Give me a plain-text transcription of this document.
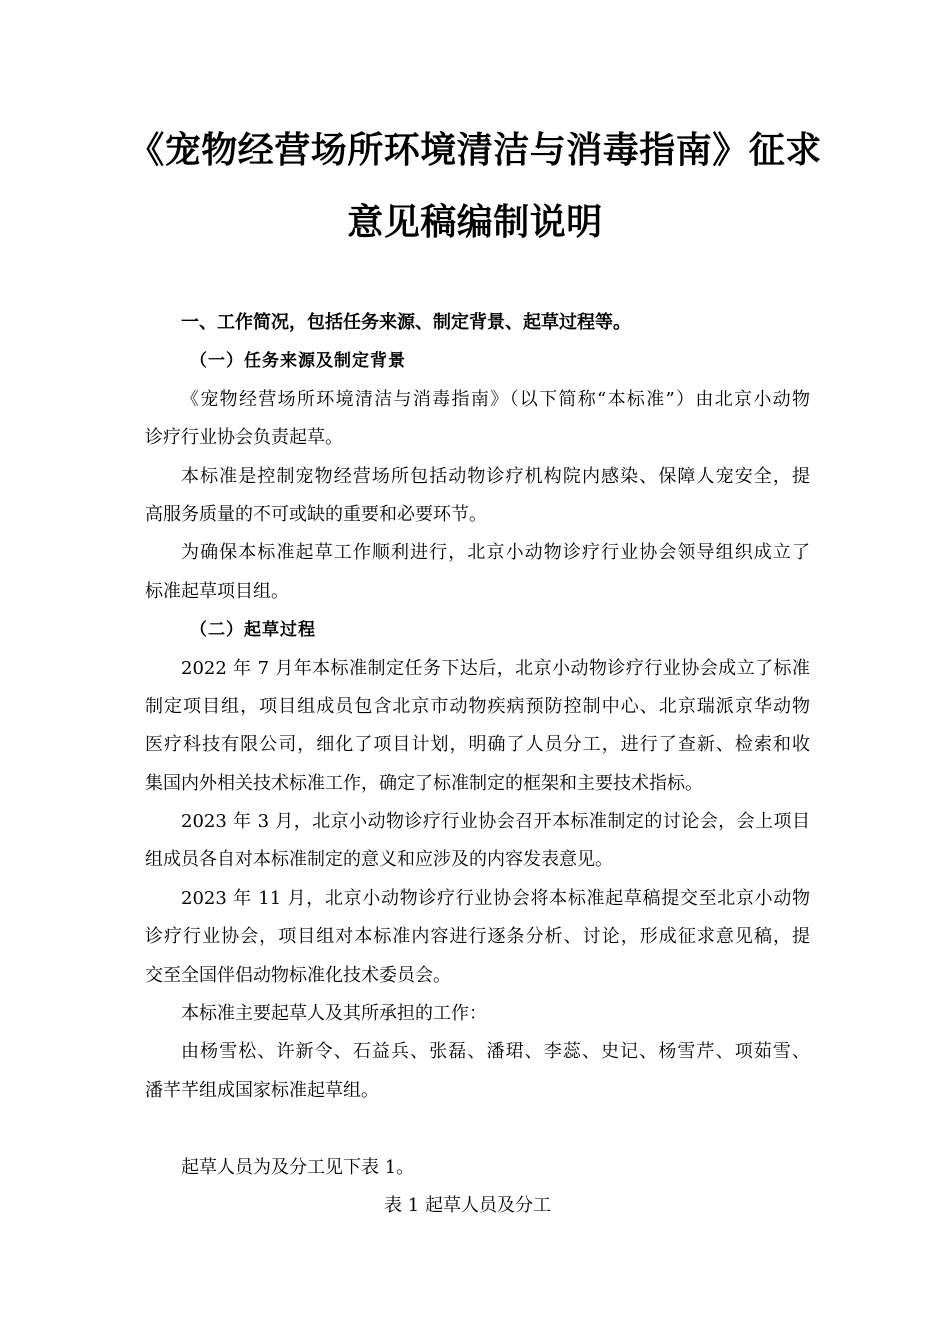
《宠物经营场所环境清洁与消毒指南》征求
意见稿编制说明
一、工作简况，包括任务来源、制定背景、起草过程等。
（一）任务来源及制定背景
《宠物经营场所环境清洁与消毒指南》（以下简称“本标准”）由北京小动物
诊疗行业协会负责起草。
本标准是控制宠物经营场所包括动物诊疗机构院内感染、保障人宠安全，提
高服务质量的不可或缺的重要和必要环节。
为确保本标准起草工作顺利进行，北京小动物诊疗行业协会领导组织成立了
标准起草项目组。
（二）起草过程
2022 年 7 月年本标准制定任务下达后，北京小动物诊疗行业协会成立了标准
制定项目组，项目组成员包含北京市动物疾病预防控制中心、北京瑞派京华动物
医疗科技有限公司，细化了项目计划，明确了人员分工，进行了查新、检索和收
集国内外相关技术标准工作，确定了标准制定的框架和主要技术指标。
2023 年 3 月，北京小动物诊疗行业协会召开本标准制定的讨论会，会上项目
组成员各自对本标准制定的意义和应涉及的内容发表意见。
2023 年 11 月，北京小动物诊疗行业协会将本标准起草稿提交至北京小动物
诊疗行业协会，项目组对本标准内容进行逐条分析、讨论，形成征求意见稿，提
交至全国伴侣动物标准化技术委员会。
本标准主要起草人及其所承担的工作：
由杨雪松、许新令、石益兵、张磊、潘珺、李蕊、史记、杨雪芹、项茹雪、
潘芊芊组成国家标准起草组。
起草人员为及分工见下表 1。
表 1 起草人员及分工
